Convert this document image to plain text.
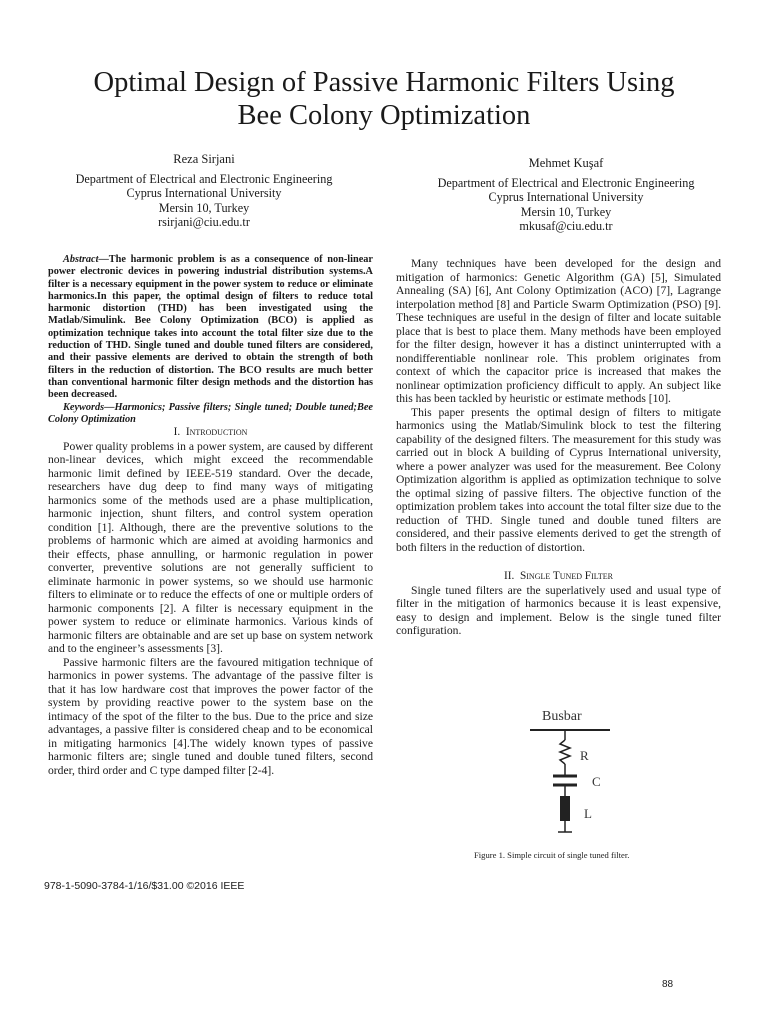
Optimal Design of Passive Harmonic Filters Using
Bee Colony Optimization
Reza Sirjani
Department of Electrical and Electronic Engineering
Cyprus International University
Mersin 10, Turkey
rsirjani@ciu.edu.tr
Mehmet Kuşaf
Department of Electrical and Electronic Engineering
Cyprus International University
Mersin 10, Turkey
mkusaf@ciu.edu.tr

Abstract—The harmonic problem is as a consequence of non-linear power electronic devices in powering industrial distribution systems.A filter is a necessary equipment in the power system to reduce or eliminate harmonics.In this paper, the optimal design of filters to reduce total harmonic distortion (THD) has been investigated using the Matlab/Simulink. Bee Colony Optimization (BCO) is applied as optimization technique takes into account the total filter size due to the reduction of THD. Single tuned and double tuned filters are considered, and their passive elements are derived to obtain the strength of both filters in the reduction of distortion. The BCO results are much better than conventional harmonic filter design methods and the distortion has been decreased.

Keywords—Harmonics; Passive filters; Single tuned; Double tuned;Bee Colony Optimization

I. Introduction

Power quality problems in a power system, are caused by different non-linear devices, which might exceed the recommendable harmonic limit defined by IEEE-519 standard. Over the decade, researchers have dug deep to find many ways of mitigating harmonics some of the methods used are a phase multiplication, harmonic injection, shunt filters, and control system operation condition [1]. Although, there are the preventive solutions to the problems of harmonic which are aimed at avoiding harmonics and their effects, phase annulling, or harmonic regulation in power converter, preventive solutions are not generally sufficient to eliminate harmonic in power systems, so we should use harmonic filters to eliminate or to reduce the effects of one or multiple orders of harmonic components [2]. A filter is necessary equipment in the power system to reduce or eliminate harmonics. Various kinds of harmonic filters are obtainable and are set up base on system network and to the engineer’s assessments [3].

Passive harmonic filters are the favoured mitigation technique of harmonics in power systems. The advantage of the passive filter is that it has low hardware cost that improves the power factor of the system by providing reactive power to the system base on the intimacy of the spot of the filter to the bus. Due to the price and size advantages, a passive filter is considered cheap and to be economical in mitigating harmonics [4].The widely known types of passive harmonic filters are; single tuned and double tuned filters, second order, third order and C type damped filter [2-4].

Many techniques have been developed for the design and mitigation of harmonics: Genetic Algorithm (GA) [5], Simulated Annealing (SA) [6], Ant Colony Optimization (ACO) [7], Lagrange interpolation method [8] and Particle Swarm Optimization (PSO) [9]. These techniques are useful in the design of filter and locate suitable place that is best to place them. Many methods have been employed for the filter design, however it has a distinct uninterrupted with a nondifferentiable nonlinear role. This problem originates from context of which the capacitor price is increased that makes the nonlinear optimization proficiency difficult to apply. An subject like this has been tackled by heuristic or estimate methods [10].

This paper presents the optimal design of filters to mitigate harmonics using the Matlab/Simulink block to test the filtering capability of the designed filters. The measurement for this study was carried out in block A building of Cyprus International university, where a power analyzer was used for the measurement. Bee Colony Optimization algorithm is applied as optimization technique to solve the optimal sizing of passive filters. The objective function of the optimization problem takes into account the total filter size due to the reduction of THD. Single tuned and double tuned filters are considered, and their passive elements derived to get the strength of both filters in the reduction of distortion.

II. Single Tuned Filter

Single tuned filters are the superlatively used and usual type of filter in the mitigation of harmonics because it is least expensive, easy to design and implement. Below is the single tuned filter configuration.

Busbar
R
C
L
Figure 1. Simple circuit of single tuned filter.
978-1-5090-3784-1/16/$31.00 ©2016 IEEE
88
